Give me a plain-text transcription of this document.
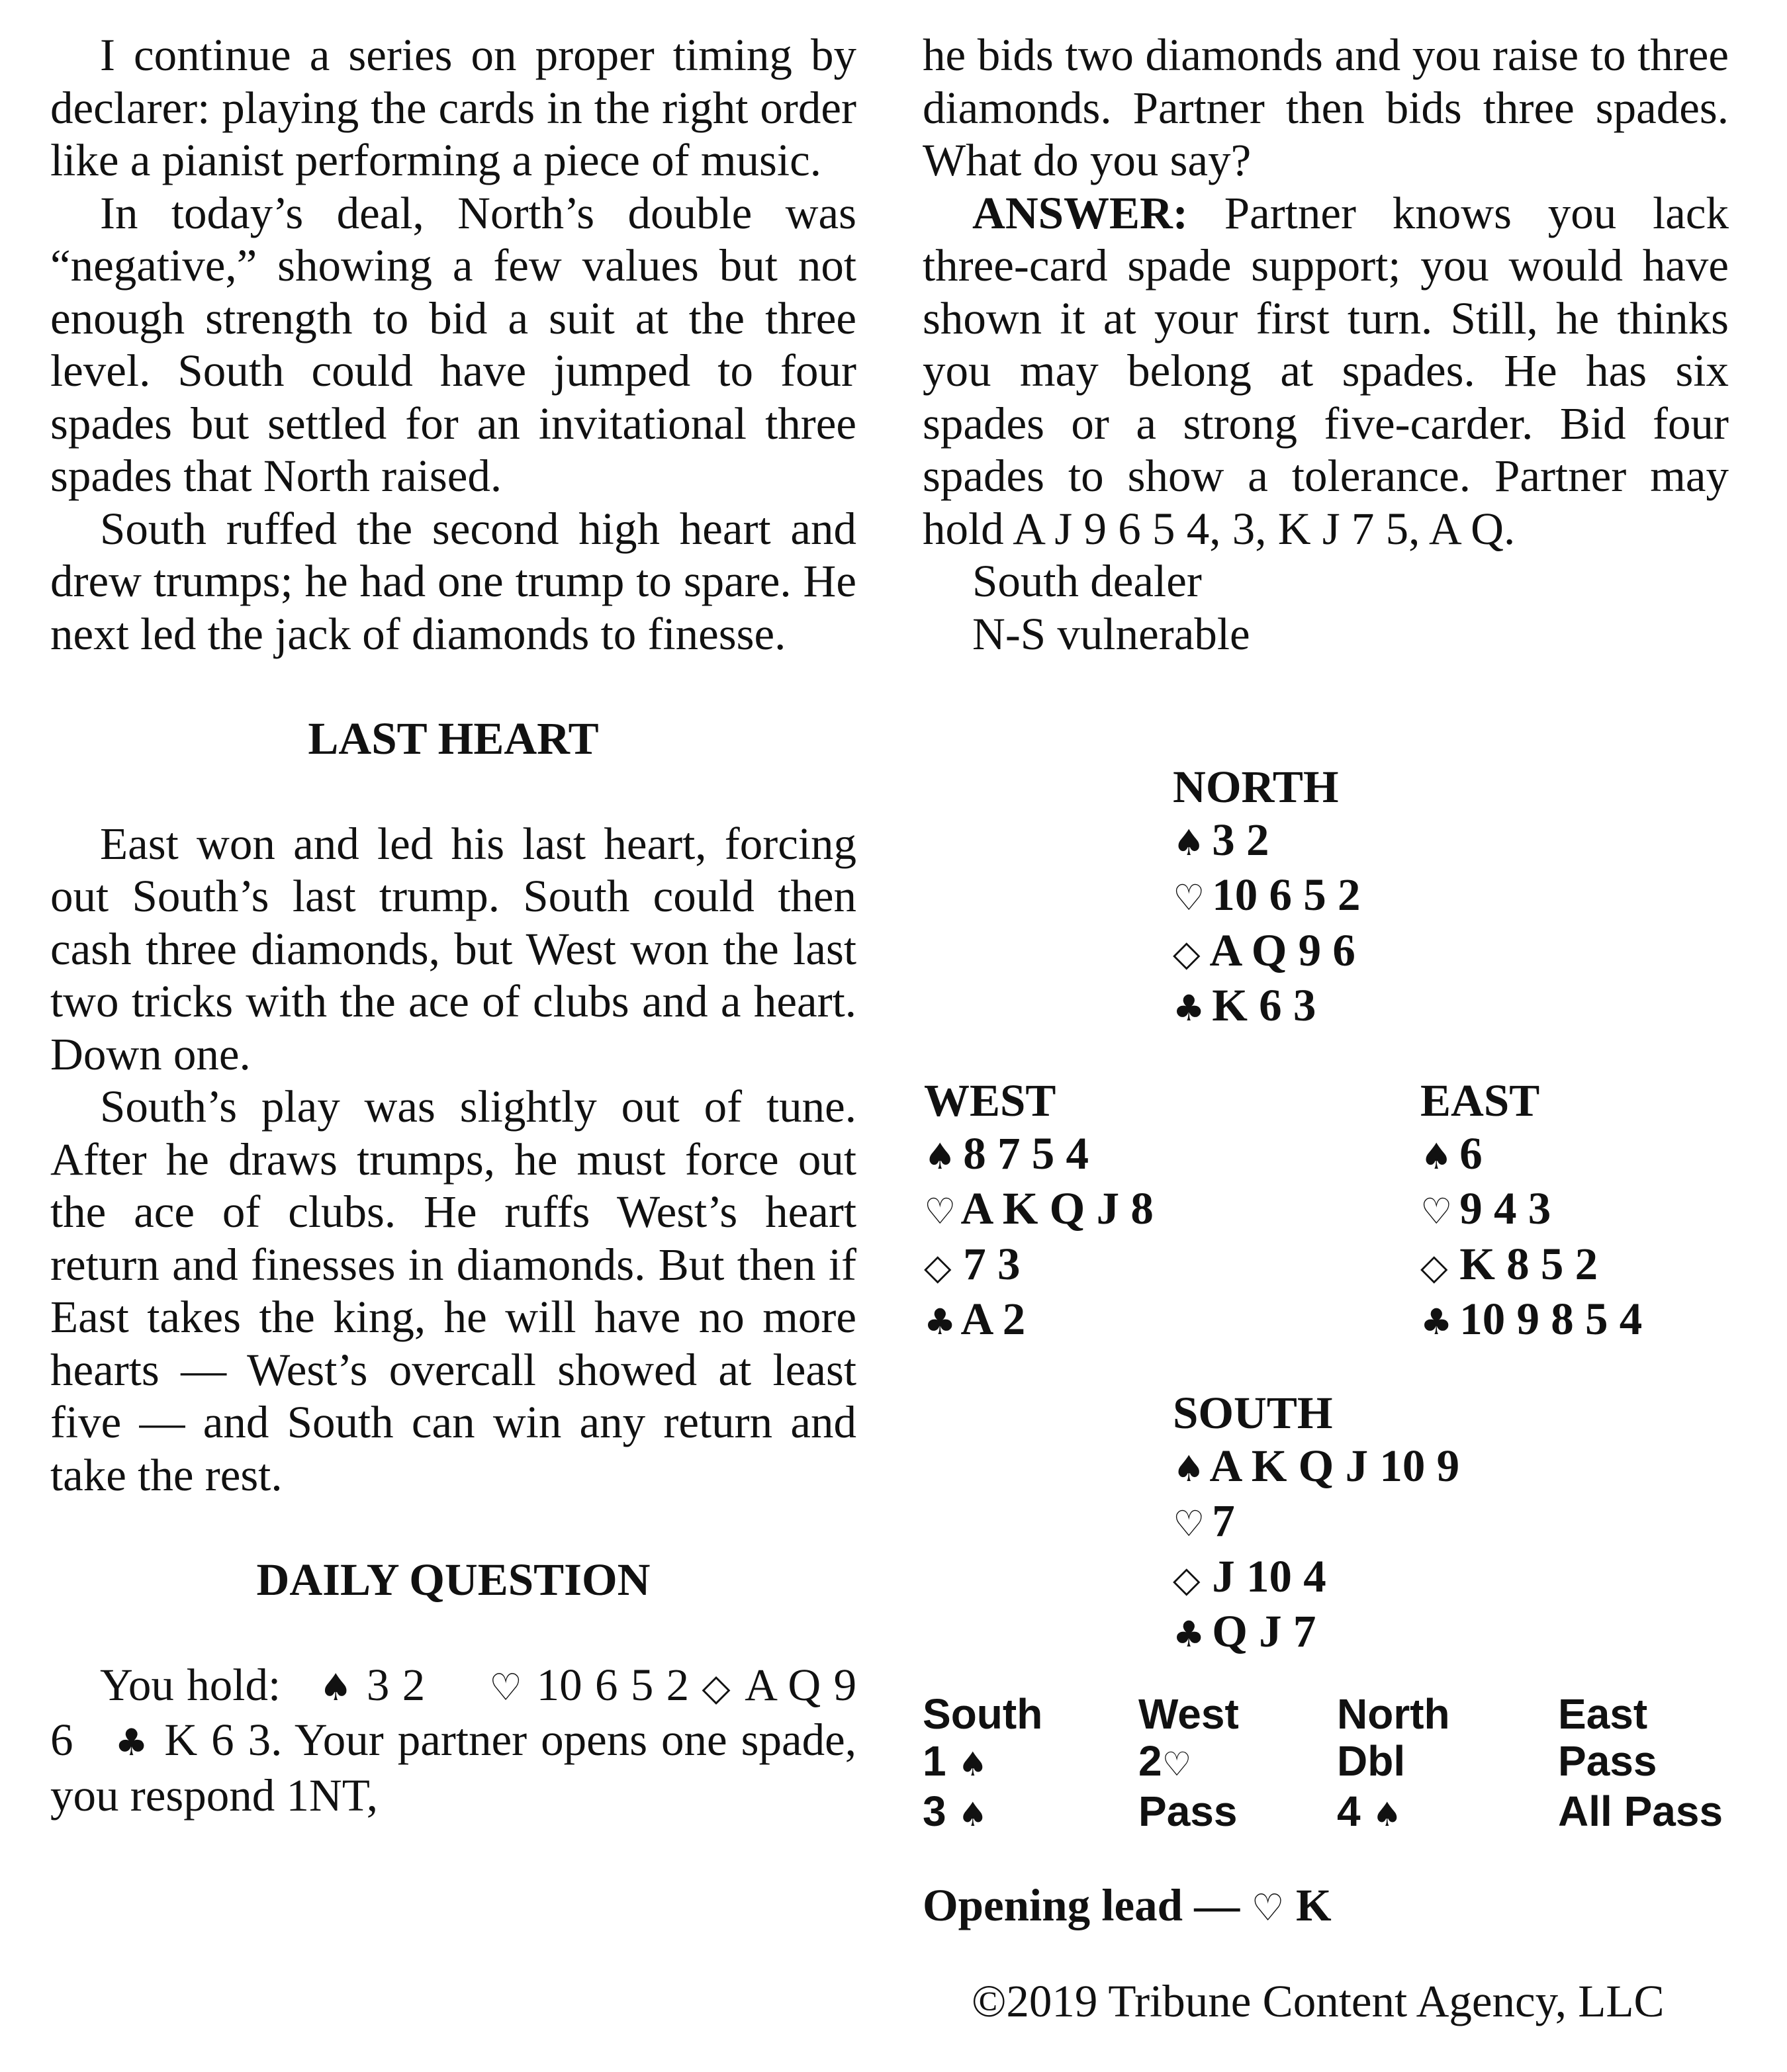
I continue a series on proper timing by declarer: playing the cards in the right order like a pianist performing a piece of music.

In today’s deal, North’s double was “negative,” showing a few values but not enough strength to bid a suit at the three level. South could have jumped to four spades but settled for an invitational three spades that North raised.

South ruffed the second high heart and drew trumps; he had one trump to spare. He next led the jack of diamonds to finesse.

LAST HEART

East won and led his last heart, forcing out South’s last trump. South could then cash three diamonds, but West won the last two tricks with the ace of clubs and a heart. Down one.

South’s play was slightly out of tune. After he draws trumps, he must force out the ace of clubs. He ruffs West’s heart return and finesses in diamonds. But then if East takes the king, he will have no more hearts — West’s overcall showed at least five — and South can win any return and take the rest.

DAILY QUESTION

You hold: ♠ 3 2 ♡ 10 6 5 2 ◇ A Q 9 6 ♣ K 6 3. Your partner opens one spade, you respond 1NT,

he bids two diamonds and you raise to three diamonds. Partner then bids three spades. What do you say?

ANSWER: Partner knows you lack three-card spade support; you would have shown it at your first turn. Still, he thinks you may belong at spades. He has six spades or a strong five-carder. Bid four spades to show a tolerance. Partner may hold A J 9 6 5 4, 3, K J 7 5, A Q.

South dealer
N-S vulnerable
NORTH
♠ 3 2
♡ 10 6 5 2
◇ A Q 9 6
♣ K 6 3
WEST
♠ 8 7 5 4
♡ A K Q J 8
◇ 7 3
♣ A 2
EAST
♠ 6
♡ 9 4 3
◇ K 8 5 2
♣ 10 9 8 5 4
SOUTH
♠ A K Q J 10 9
♡ 7
◇ J 10 4
♣ Q J 7
South	West	North	East
1 ♠	2♡	Dbl	Pass
3 ♠	Pass	4 ♠	All Pass
Opening lead — ♡ K
©2019 Tribune Content Agency, LLC
